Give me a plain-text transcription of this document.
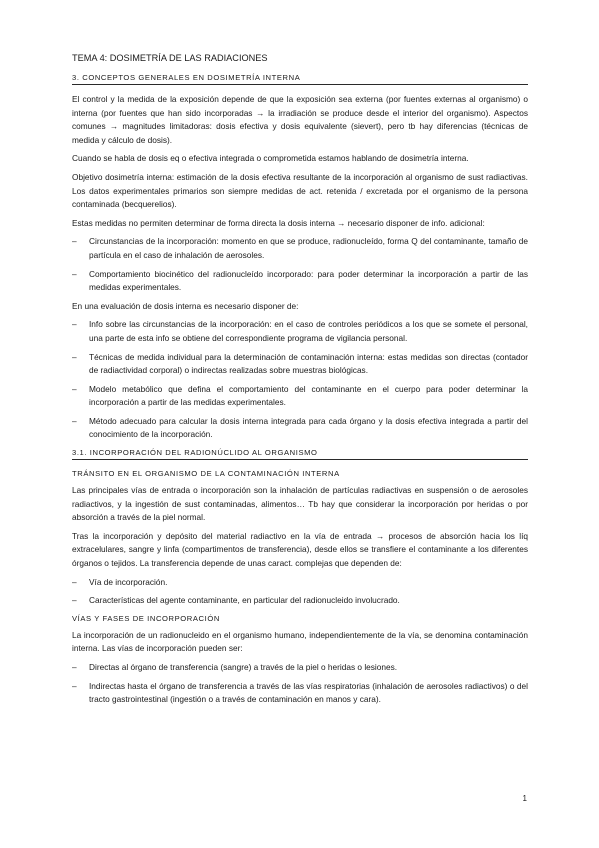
TEMA 4: DOSIMETRÍA DE LAS RADIACIONES
3. CONCEPTOS GENERALES EN DOSIMETRÍA INTERNA

El control y la medida de la exposición depende de que la exposición sea externa (por fuentes externas al organismo) o interna (por fuentes que han sido incorporadas → la irradiación se produce desde el interior del organismo). Aspectos comunes → magnitudes limitadoras: dosis efectiva y dosis equivalente (sievert), pero tb hay diferencias (técnicas de medida y cálculo de dosis).

Cuando se habla de dosis eq o efectiva integrada o comprometida estamos hablando de dosimetría interna.

Objetivo dosimetría interna: estimación de la dosis efectiva resultante de la incorporación al organismo de sust radiactivas. Los datos experimentales primarios son siempre medidas de act. retenida / excretada por el organismo de la persona contaminada (becquerelios).

Estas medidas no permiten determinar de forma directa la dosis interna → necesario disponer de info. adicional:

– Circunstancias de la incorporación: momento en que se produce, radionucleído, forma Q del contaminante, tamaño de partícula en el caso de inhalación de aerosoles.
– Comportamiento biocinético del radionucleído incorporado: para poder determinar la incorporación a partir de las medidas experimentales.

En una evaluación de dosis interna es necesario disponer de:

– Info sobre las circunstancias de la incorporación: en el caso de controles periódicos a los que se somete el personal, una parte de esta info se obtiene del correspondiente programa de vigilancia personal.
– Técnicas de medida individual para la determinación de contaminación interna: estas medidas son directas (contador de radiactividad corporal) o indirectas realizadas sobre muestras biológicas.
– Modelo metabólico que defina el comportamiento del contaminante en el cuerpo para poder determinar la incorporación a partir de las medidas experimentales.
– Método adecuado para calcular la dosis interna integrada para cada órgano y la dosis efectiva integrada a partir del conocimiento de la incorporación.
3.1. INCORPORACIÓN DEL RADIONÚCLIDO AL ORGANISMO
TRÁNSITO EN EL ORGANISMO DE LA CONTAMINACIÓN INTERNA

Las principales vías de entrada o incorporación son la inhalación de partículas radiactivas en suspensión o de aerosoles radiactivos, y la ingestión de sust contaminadas, alimentos… Tb hay que considerar la incorporación por heridas o por absorción a través de la piel normal.

Tras la incorporación y depósito del material radiactivo en la vía de entrada → procesos de absorción hacia los líq extracelulares, sangre y linfa (compartimentos de transferencia), desde ellos se transfiere el contaminante a los diferentes órganos o tejidos. La transferencia depende de unas caract. complejas que dependen de:

– Vía de incorporación.
– Características del agente contaminante, en particular del radionucleido involucrado.
VÍAS Y FASES DE INCORPORACIÓN

La incorporación de un radionucleido en el organismo humano, independientemente de la vía, se denomina contaminación interna. Las vías de incorporación pueden ser:

– Directas al órgano de transferencia (sangre) a través de la piel o heridas o lesiones.
– Indirectas hasta el órgano de transferencia a través de las vías respiratorias (inhalación de aerosoles radiactivos) o del tracto gastrointestinal (ingestión o a través de contaminación en manos y cara).
1
